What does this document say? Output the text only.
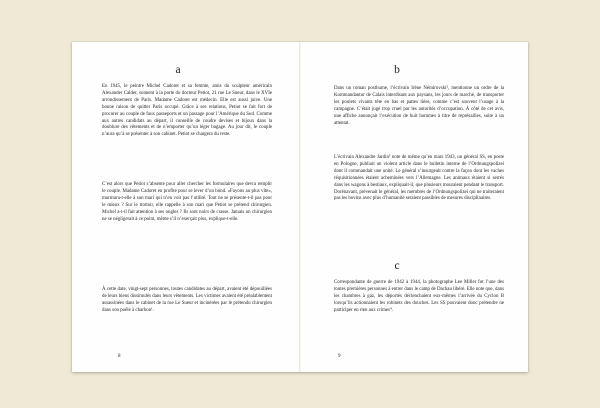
a

En 1945, le peintre Michel Cadoret et sa femme, amis du sculpteur américain Alexander Calder, sonnent à la porte du docteur Petiot, 21 rue Le Sueur, dans le XVIe arrondissement de Paris. Madame Cadoret est médecin. Elle est aussi juive. Une bonne raison de quitter Paris occupé. Grâce à ses relations, Petiot se fait fort de procurer au couple de faux passeports et un passage pour l’Amérique du Sud. Comme aux autres candidats au départ, il conseille de coudre devises et bijoux dans la doublure des vêtements et de n’emporter qu’un léger bagage. Au jour dit, le couple n’aura qu’à se présenter à son cabinet. Petiot se chargera du reste.

C’est alors que Petiot s’absente pour aller chercher les formulaires que devra remplir le couple. Madame Cadoret en profite pour se lever d’un bond. «Fayons au plus vite», murmura-t-elle à son mari qui n’en voit pas l’utilité. Tout ne se présente-t-il pas pour le mieux ? Sur le trottoir, elle rappelle à son mari que Petiot se prétend chirurgien. Michel a-t-il fait attention à ses ongles ? Ils sont noirs de crasse. Jamais un chirurgien ne se négligerait à ce point, même s’il n’exerçait plus, explique-t-elle.

À cette date, vingt-sept personnes, toutes candidates au départ, avaient été dépouillées de leurs biens dissimulés dans leurs vêtements. Les victimes avaient été préalablement assassinées dans le cabinet de la rue Le Sueur et incinérées par le prétendu chirurgien dans son poêle à charbon¹.

8
b

Dans un roman posthume, l’écrivain Irène Némirovski², mentionne un ordre de la Kommandantur de Calais interdisant aux paysans, les jours de marché, de transporter les poulets vivants tête en bas et pattes liées, comme c’est souvent l’usage à la campagne. C’était jugé trop cruel par les autorités d’occupation. À côté de cet avis, une affiche annonçait l’exécution de huit hommes à titre de représailles, suite à un attentat.

L’écrivain Alexandre Jardin³ note de même qu’en mars 1943, un général SS, en poste en Pologne, publiait un violent article dans le bulletin interne de l’Ordnungspolizei dont il commandait une unité. Le général s’insurgeait contre la façon dont les vaches réquisitionnées étaient acheminées vers l’Allemagne. Les animaux étaient si serrés dans les wagons à bestiaux, expliquait-il, que plusieurs mouraient pendant le transport. Dorénavant, prévenait le général, les membres de l’Ordnungspolizei qui ne traiteraient pas les bovins avec plus d’humanité seraient passibles de mesures disciplinaires.

c

Correspondante de guerre de 1942 à 1944, la photographe Lee Miller fut l’une des toutes premières personnes à entrer dans le camp de Dachau libéré. Elle note que, dans les chambres à gaz, les déportés déclenchaient eux-mêmes l’arrivée du Cyclon B lorsqu’ils actionnaient les robinets des douches. Les SS pouvaient donc prétendre ne participer en rien aux crimes⁴.

9
